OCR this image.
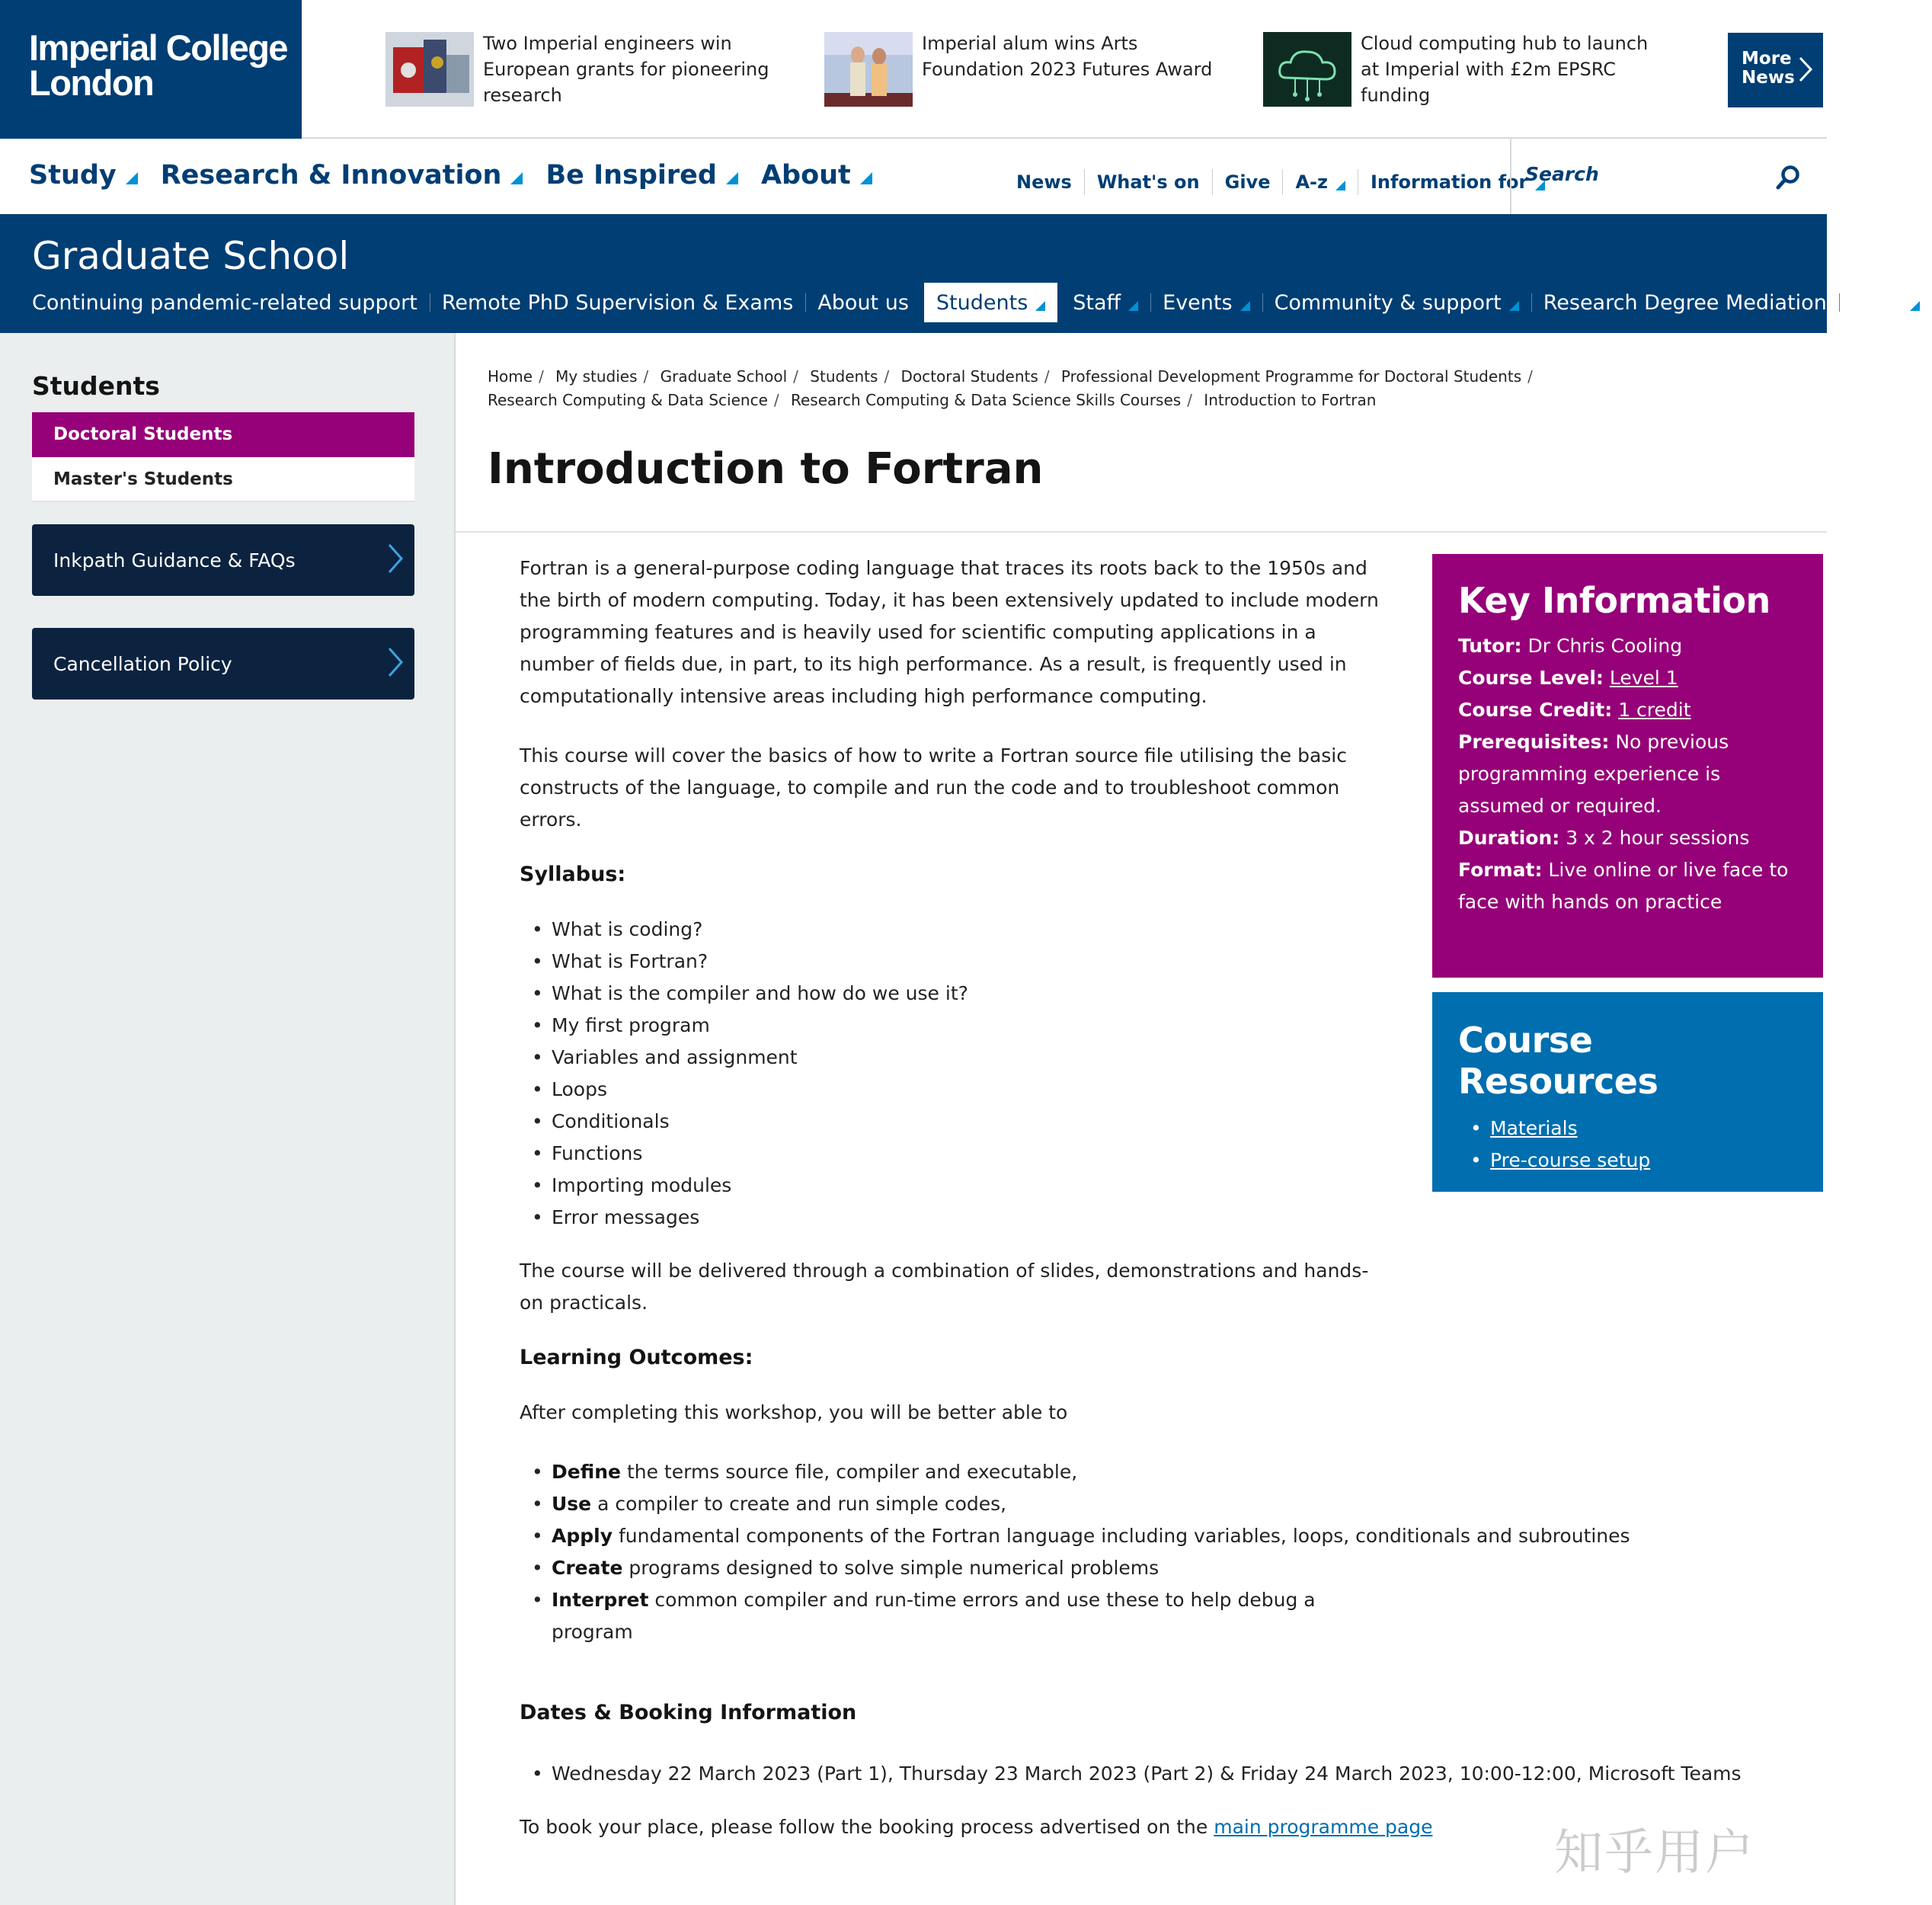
Imperial College
London
Two Imperial engineers win European grants for pioneering research
Imperial alum wins Arts Foundation 2023 Futures Award
Cloud computing hub to launch at Imperial with £2m EPSRC funding
More
News
Study Research & Innovation Be Inspired About	News	What's on	Give	A-z Information for
Search
Graduate School
Continuing pandemic-related support	Remote PhD Supervision & Exams	About us	Students Staff Events Community & support	Research Degree Mediation	More
Students
Doctoral Students
Master's Students
Inkpath Guidance & FAQs
Cancellation Policy
Home / My studies / Graduate School / Students / Doctoral Students / Professional Development Programme for Doctoral Students /
Research Computing & Data Science / Research Computing & Data Science Skills Courses / Introduction to Fortran
Introduction to Fortran

Fortran is a general-purpose coding language that traces its roots back to the 1950s and the birth of modern computing. Today, it has been extensively updated to include modern programming features and is heavily used for scientific computing applications in a number of fields due, in part, to its high performance. As a result, is frequently used in computationally intensive areas including high performance computing.

This course will cover the basics of how to write a Fortran source file utilising the basic constructs of the language, to compile and run the code and to troubleshoot common errors.

Syllabus:
• What is coding?
• What is Fortran?
• What is the compiler and how do we use it?
• My first program
• Variables and assignment
• Loops
• Conditionals
• Functions
• Importing modules
• Error messages

The course will be delivered through a combination of slides, demonstrations and hands-on practicals.

Learning Outcomes:

After completing this workshop, you will be better able to

• Define the terms source file, compiler and executable,
• Use a compiler to create and run simple codes,
• Apply fundamental components of the Fortran language including variables, loops, conditionals and subroutines
• Create programs designed to solve simple numerical problems
• Interpret common compiler and run-time errors and use these to help debug a program
Dates & Booking Information
• Wednesday 22 March 2023 (Part 1), Thursday 23 March 2023 (Part 2) & Friday 24 March 2023, 10:00-12:00, Microsoft Teams

To book your place, please follow the booking process advertised on the main programme page

Key Information
Tutor: Dr Chris Cooling
Course Level: Level 1
Course Credit: 1 credit
Prerequisites: No previous programming experience is assumed or required.
Duration: 3 x 2 hour sessions
Format: Live online or live face to face with hands on practice
Course Resources
• Materials
• Pre-course setup
知乎用户
